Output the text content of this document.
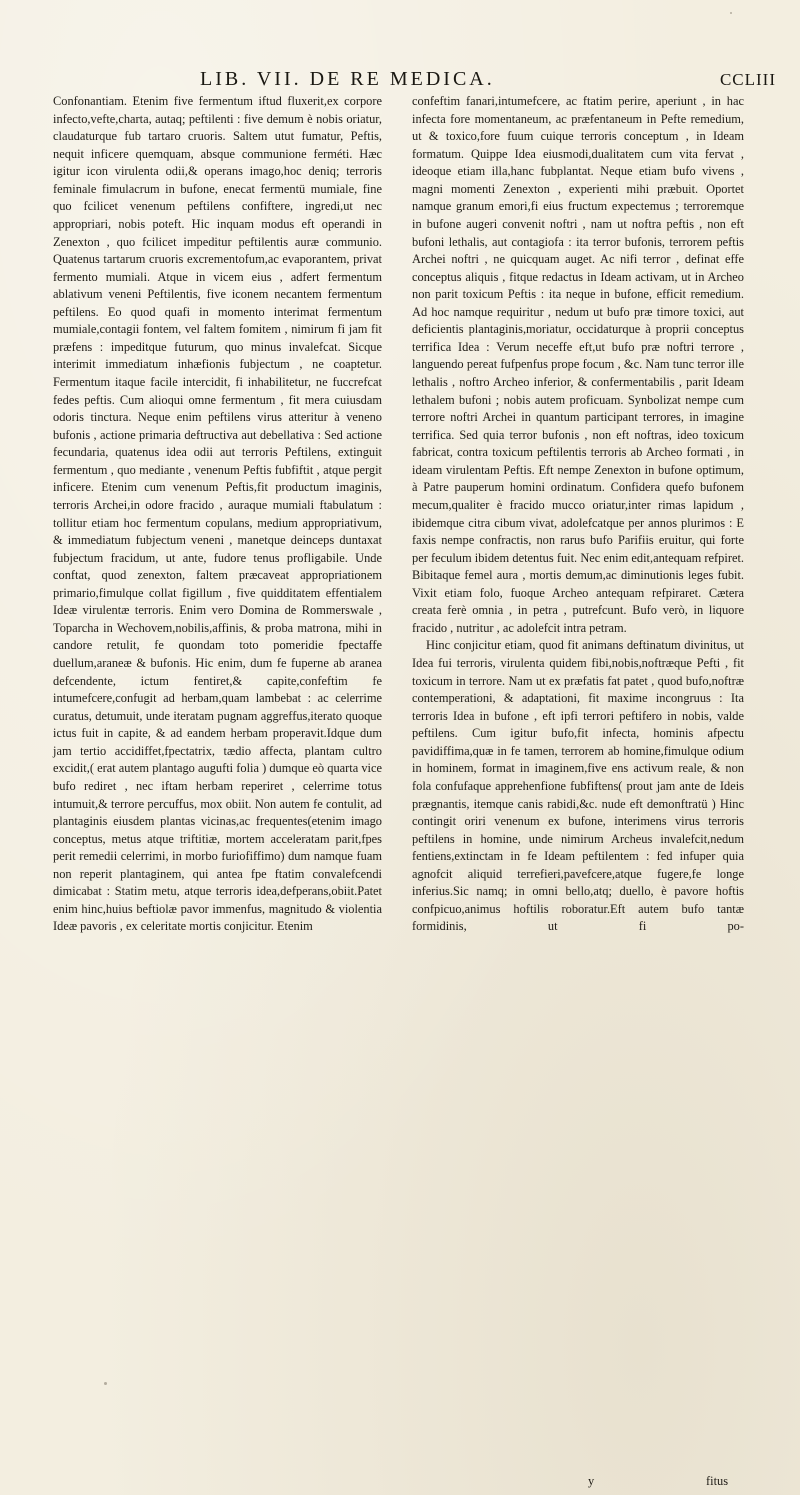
LIB. VII. DE RE MEDICA.	CCLIII

Confonantiam. Etenim five fermentum iftud fluxerit,ex corpore infecto,vefte,charta, autaq; peftilenti : five demum è nobis oriatur, claudaturque fub tartaro cruoris. Saltem utut fumatur, Peftis, nequit inficere quemquam, absque communione ferméti. Hæc igitur icon virulenta odii,& operans imago,hoc deniq; terroris feminale fimulacrum in bufone, enecat fermentü mumiale, fine quo fcilicet venenum peftilens confiftere, ingredi,ut nec appropriari, nobis poteft. Hic inquam modus eft operandi in Zenexton , quo fcilicet impeditur peftilentis auræ communio. Quatenus tartarum cruoris excrementofum,ac evaporantem, privat fermento mumiali. Atque in vicem eius , adfert fermentum ablativum veneni Peftilentis, five iconem necantem fermentum peftilens. Eo quod quafi in momento interimat fermentum mumiale,contagii fontem, vel faltem fomitem , nimirum fi jam fit præfens : impeditque futurum, quo minus invalefcat. Sicque interimit immediatum inhæfionis fubjectum , ne coaptetur. Fermentum itaque facile intercidit, fi inhabilitetur, ne fuccrefcat fedes peftis. Cum alioqui omne fermentum , fit mera cuiusdam odoris tinctura. Neque enim peftilens virus atteritur à veneno bufonis , actione primaria deftructiva aut debellativa : Sed actione fecundaria, quatenus idea odii aut terroris Peftilens, extinguit fermentum , quo mediante , venenum Peftis fubfiftit , atque pergit inficere. Etenim cum venenum Peftis,fit productum imaginis, terroris Archei,in odore fracido , auraque mumiali ftabulatum : tollitur etiam hoc fermentum copulans, medium appropriativum, & immediatum fubjectum veneni , manetque deinceps duntaxat fubjectum fracidum, ut ante, fudore tenus profligabile. Unde conftat, quod zenexton, faltem præcaveat appropriationem primario,fimulque collat figillum , five quidditatem effentialem Ideæ virulentæ terroris. Enim vero Domina de Rommerswale , Toparcha in Wechovem,nobilis,affinis, & proba matrona, mihi in candore retulit, fe quondam toto pomeridie fpectaffe duellum,araneæ & bufonis. Hic enim, dum fe fuperne ab aranea defcendente, ictum fentiret,& capite,confeftim fe intumefcere,confugit ad herbam,quam lambebat : ac celerrime curatus, detumuit, unde iteratam pugnam aggreffus,iterato quoque ictus fuit in capite, & ad eandem herbam properavit.Idque dum jam tertio accidiffet,fpectatrix, tædio affecta, plantam cultro excidit,( erat autem plantago augufti folia ) dumque eò quarta vice bufo rediret , nec iftam herbam reperiret , celerrime totus intumuit,& terrore percuffus, mox obiit. Non autem fe contulit, ad plantaginis eiusdem plantas vicinas,ac frequentes(etenim imago conceptus, metus atque triftitiæ, mortem acceleratam parit,fpes perit remedii celerrimi, in morbo furiofiffimo) dum namque fuam non reperit plantaginem, qui antea fpe ftatim convalefcendi dimicabat : Statim metu, atque terroris idea,defperans,obiit.Patet enim hinc,huius beftiolæ pavor immenfus, magnitudo & violentia Ideæ pavoris , ex celeritate mortis conjicitur. Etenim

confeftim fanari,intumefcere, ac ftatim perire, aperiunt , in hac infecta fore momentaneum, ac præfentaneum in Pefte remedium, ut & toxico,fore fuum cuique terroris conceptum , in Ideam formatum. Quippe Idea eiusmodi,dualitatem cum vita fervat , ideoque etiam illa,hanc fubplantat. Neque etiam bufo vivens , magni momenti Zenexton , experienti mihi præbuit. Oportet namque granum emori,fi eius fructum expectemus ; terroremque in bufone augeri convenit noftri , nam ut noftra peftis , non eft bufoni lethalis, aut contagiofa : ita terror bufonis, terrorem peftis Archei noftri , ne quicquam auget. Ac nifi terror , definat effe conceptus aliquis , fitque redactus in Ideam activam, ut in Archeo non parit toxicum Peftis : ita neque in bufone, efficit remedium. Ad hoc namque requiritur , nedum ut bufo præ timore toxici, aut deficientis plantaginis,moriatur, occidaturque à proprii conceptus terrifica Idea : Verum neceffe eft,ut bufo præ noftri terrore , languendo pereat fufpenfus prope focum , &c. Nam tunc terror ille lethalis , noftro Archeo inferior, & confermentabilis , parit Ideam lethalem bufoni ; nobis autem proficuam. Synbolizat nempe cum terrore noftri Archei in quantum participant terrores, in imagine terrifica. Sed quia terror bufonis , non eft noftras, ideo toxicum fabricat, contra toxicum peftilentis terroris ab Archeo formati , in ideam virulentam Peftis. Eft nempe Zenexton in bufone optimum, à Patre pauperum homini ordinatum. Confidera quefo bufonem mecum,qualiter è fracido mucco oriatur,inter rimas lapidum , ibidemque citra cibum vivat, adolefcatque per annos plurimos : E faxis nempe confractis, non rarus bufo Parifiis eruitur, qui forte per feculum ibidem detentus fuit. Nec enim edit,antequam refpiret. Bibitaque femel aura , mortis demum,ac diminutionis leges fubit. Vixit etiam folo, fuoque Archeo antequam refpiraret. Cætera creata ferè omnia , in petra , putrefcunt. Bufo verò, in liquore fracido , nutritur , ac adolefcit intra petram.

Hinc conjicitur etiam, quod fit animans deftinatum divinitus, ut Idea fui terroris, virulenta quidem fibi,nobis,noftræque Pefti , fit toxicum in terrore. Nam ut ex præfatis fat patet , quod bufo,noftræ contemperationi, & adaptationi, fit maxime incongruus : Ita terroris Idea in bufone , eft ipfi terrori peftifero in nobis, valde peftilens. Cum igitur bufo,fit infecta, hominis afpectu pavidiffima,quæ in fe tamen, terrorem ab homine,fimulque odium in hominem, format in imaginem,five ens activum reale, & non fola confufaque apprehenfione fubfiftens( prout jam ante de Ideis prægnantis, itemque canis rabidi,&c. nude eft demonftratü ) Hinc contingit oriri venenum ex bufone, interimens virus terroris peftilens in homine, unde nimirum Archeus invalefcit,nedum fentiens,extinctam in fe Ideam peftilentem : fed infuper quia agnofcit aliquid terrefieri,pavefcere,atque fugere,fe longe inferius.Sic namq; in omni bello,atq; duello, è pavore hoftis confpicuo,animus hoftilis roboratur.Eft autem bufo tantæ formidinis, ut fi po-

y	fitus
